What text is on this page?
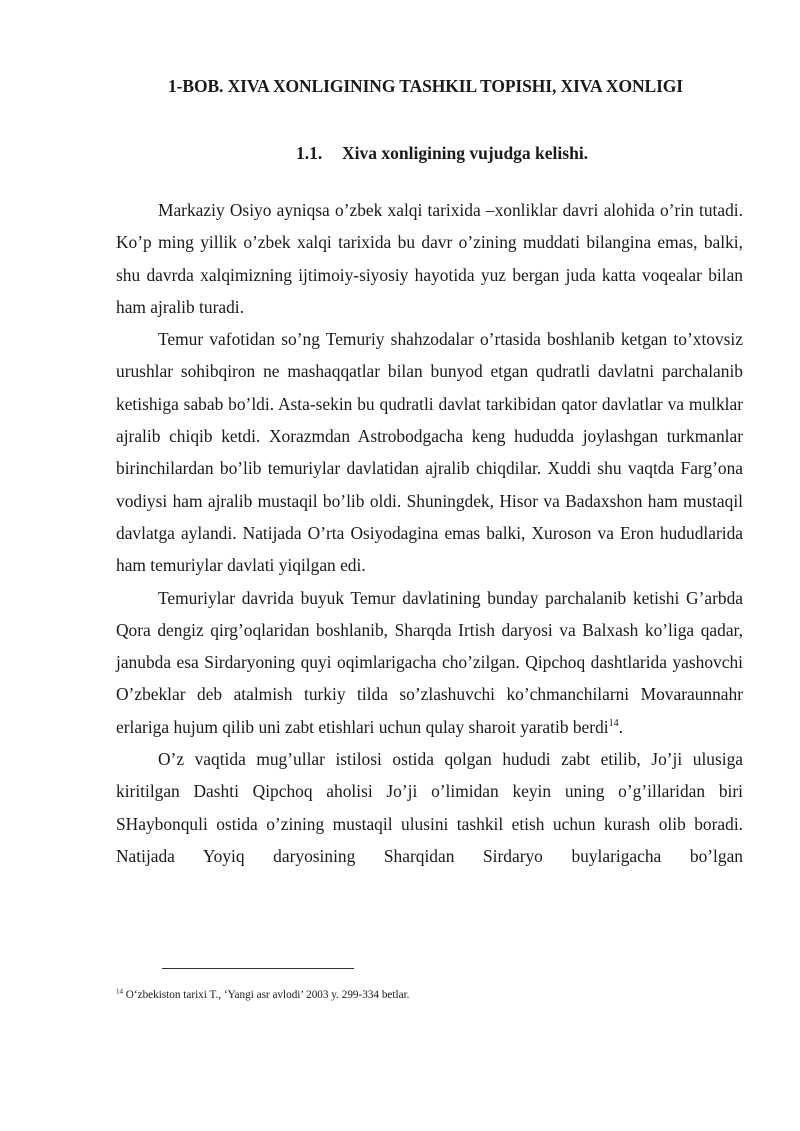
1-BOB. XIVA XONLIGINING TASHKIL TOPISHI, XIVA XONLIGI
1.1. Xiva xonligining vujudga kelishi.

Markaziy Osiyo ayniqsa o’zbek xalqi tarixida –xonliklar davri alohida o’rin tutadi. Ko’p ming yillik o’zbek xalqi tarixida bu davr o’zining muddati bilangina emas, balki, shu davrda xalqimizning ijtimoiy-siyosiy hayotida yuz bergan juda katta voqealar bilan ham ajralib turadi.

Temur vafotidan so’ng Temuriy shahzodalar o’rtasida boshlanib ketgan to’xtovsiz urushlar sohibqiron ne mashaqqatlar bilan bunyod etgan qudratli davlatni parchalanib ketishiga sabab bo’ldi. Asta-sekin bu qudratli davlat tarkibidan qator davlatlar va mulklar ajralib chiqib ketdi. Xorazmdan Astrobodgacha keng hududda joylashgan turkmanlar birinchilardan bo’lib temuriylar davlatidan ajralib chiqdilar. Xuddi shu vaqtda Farg’ona vodiysi ham ajralib mustaqil bo’lib oldi. Shuningdek, Hisor va Badaxshon ham mustaqil davlatga aylandi. Natijada O’rta Osiyodagina emas balki, Xuroson va Eron hududlarida ham temuriylar davlati yiqilgan edi.

Temuriylar davrida buyuk Temur davlatining bunday parchalanib ketishi G’arbda Qora dengiz qirg’oqlaridan boshlanib, Sharqda Irtish daryosi va Balxash ko’liga qadar, janubda esa Sirdaryoning quyi oqimlarigacha cho’zilgan. Qipchoq dashtlarida yashovchi O’zbeklar deb atalmish turkiy tilda so’zlashuvchi ko’chmanchilarni Movaraunnahr erlariga hujum qilib uni zabt etishlari uchun qulay sharoit yaratib berdi$^{14}$.

O’z vaqtida mug’ullar istilosi ostida qolgan hududi zabt etilib, Jo’ji ulusiga kiritilgan Dashti Qipchoq aholisi Jo’ji o’limidan keyin uning o’g’illaridan biri SHaybonquli ostida o’zining mustaqil ulusini tashkil etish uchun kurash olib boradi. Natijada Yoyiq daryosining Sharqidan Sirdaryo buylarigacha bo’lgan

$^{14}$ O‘zbekiston tarixi T., ‘Yangi asr avlodi’ 2003 y. 299-334 betlar.
